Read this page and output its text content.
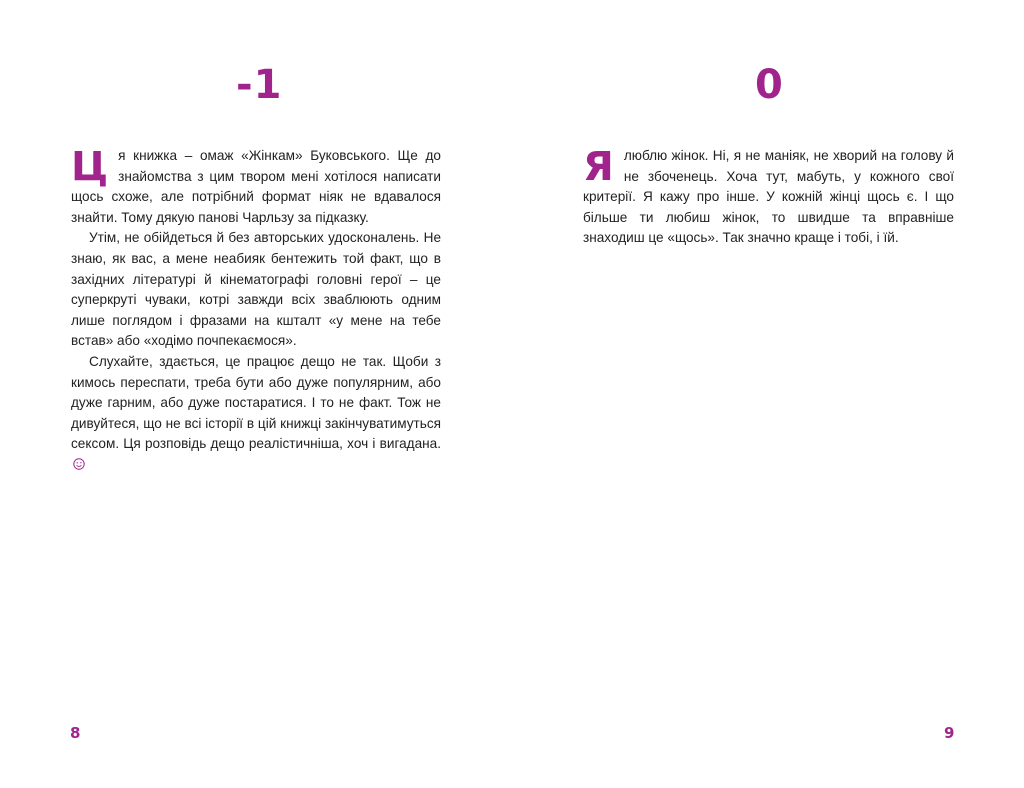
-1

Ця книжка – омаж «Жінкам» Буковського. Ще до знайомства з цим твором мені хотілося написати щось схоже, але потрібний формат ніяк не вдавалося знайти. Тому дякую панові Чарльзу за підказку.

Утім, не обійдеться й без авторських удосконалень. Не знаю, як вас, а мене неабияк бентежить той факт, що в західних літературі й кінематографі головні герої – це суперкруті чуваки, котрі завжди всіх зваблюють одним лише поглядом і фразами на кшталт «у мене на тебе встав» або «ходімо почпекаємося».

Слухайте, здається, це працює дещо не так. Щоби з кимось переспати, треба бути або дуже популярним, або дуже гарним, або дуже постаратися. І то не факт. Тож не дивуйтеся, що не всі історії в цій книжці закінчуватимуться сексом. Ця розповідь дещо реалістичніша, хоч і вигадана.

8
0

Ялюблю жінок. Ні, я не маніяк, не хворий на голову й не збоченець. Хоча тут, мабуть, у кожного свої критерії. Я кажу про інше. У кожній жінці щось є. І що більше ти любиш жінок, то швидше та вправніше знаходиш це «щось». Так значно краще і тобі, і їй.

9
